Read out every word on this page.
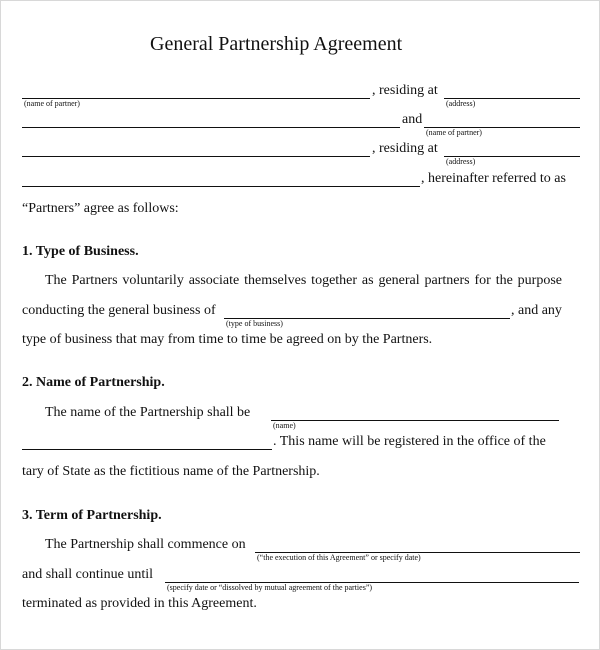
General Partnership Agreement
, residing at
(name of partner)	(address)
and
(name of partner)
, residing at
(address)
, hereinafter referred to as
“Partners” agree as follows:
1. Type of Business.
The Partners voluntarily associate themselves together as general partners for the purpose
conducting the general business of	, and any
(type of business)
type of business that may from time to time be agreed on by the Partners.
2. Name of Partnership.
The name of the Partnership shall be
(name)
. This name will be registered in the office of the
tary of State as the fictitious name of the Partnership.
3. Term of Partnership.
The Partnership shall commence on
(“the execution of this Agreement” or specify date)
and shall continue until
(specify date or “dissolved by mutual agreement of the parties”)
terminated as provided in this Agreement.
